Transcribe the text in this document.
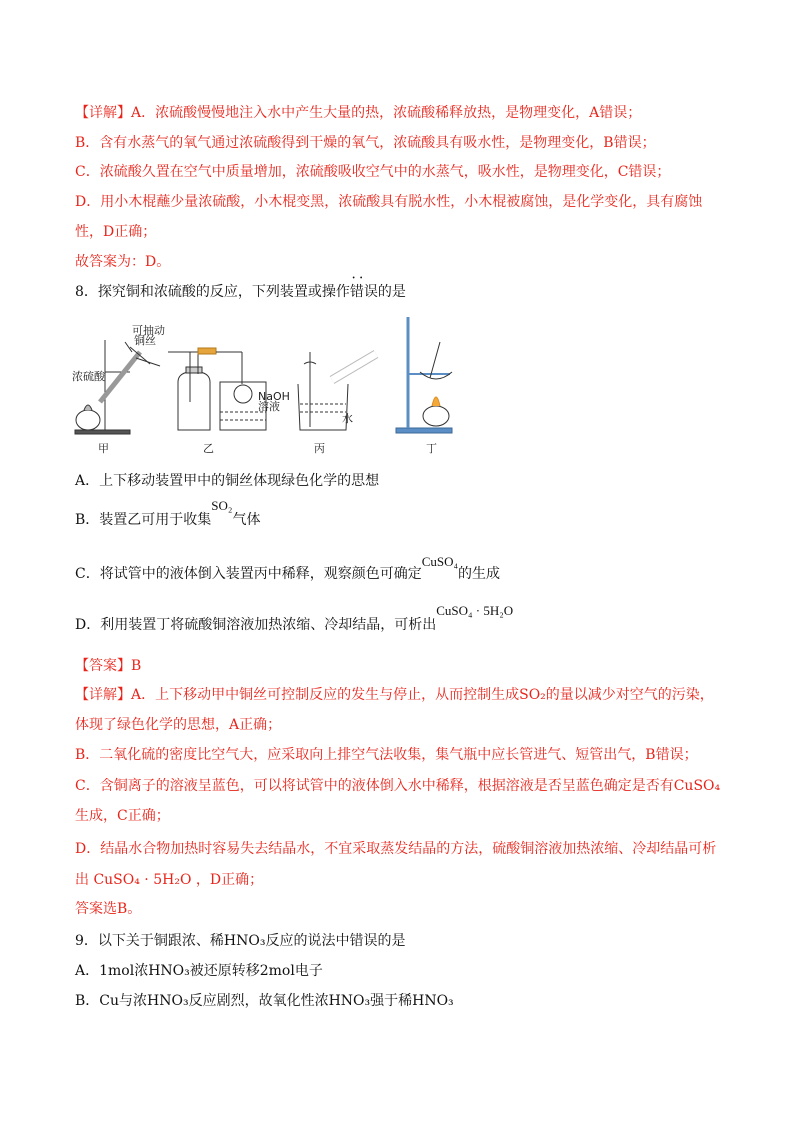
【详解】A．浓硫酸慢慢地注入水中产生大量的热，浓硫酸稀释放热，是物理变化，A错误；
B．含有水蒸气的氧气通过浓硫酸得到干燥的氧气，浓硫酸具有吸水性，是物理变化，B错误；
C．浓硫酸久置在空气中质量增加，浓硫酸吸收空气中的水蒸气，吸水性，是物理变化，C错误；
D．用小木棍蘸少量浓硫酸，小木棍变黑，浓硫酸具有脱水性，小木棍被腐蚀，是化学变化，具有腐蚀
性，D正确；
故答案为：D。
8．探究铜和浓硫酸的反应，下列装置或操作• • 错误的是
可抽动
铜丝
浓硫酸
甲
NaOH
溶液
乙
水
丙	丁
A．上下移动装置甲中的铜丝体现绿色化学的思想
B．装置乙可用于收集SO₂气体
C．将试管中的液体倒入装置丙中稀释，观察颜色可确定CuSO₄的生成
D．利用装置丁将硫酸铜溶液加热浓缩、冷却结晶，可析出CuSO₄ · 5H₂O
【答案】B
【详解】A．上下移动甲中铜丝可控制反应的发生与停止，从而控制生成SO₂的量以减少对空气的污染，
体现了绿色化学的思想，A正确；
B．二氧化硫的密度比空气大，应采取向上排空气法收集，集气瓶中应长管进气、短管出气，B错误；
C．含铜离子的溶液呈蓝色，可以将试管中的液体倒入水中稀释，根据溶液是否呈蓝色确定是否有CuSO₄
生成，C正确；
D．结晶水合物加热时容易失去结晶水，不宜采取蒸发结晶的方法，硫酸铜溶液加热浓缩、冷却结晶可析
出 CuSO₄ · 5H₂O ，D正确；
答案选B。
9．以下关于铜跟浓、稀HNO₃反应的说法中错误的是
A．1mol浓HNO₃被还原转移2mol电子
B．Cu与浓HNO₃反应剧烈，故氧化性浓HNO₃强于稀HNO₃
